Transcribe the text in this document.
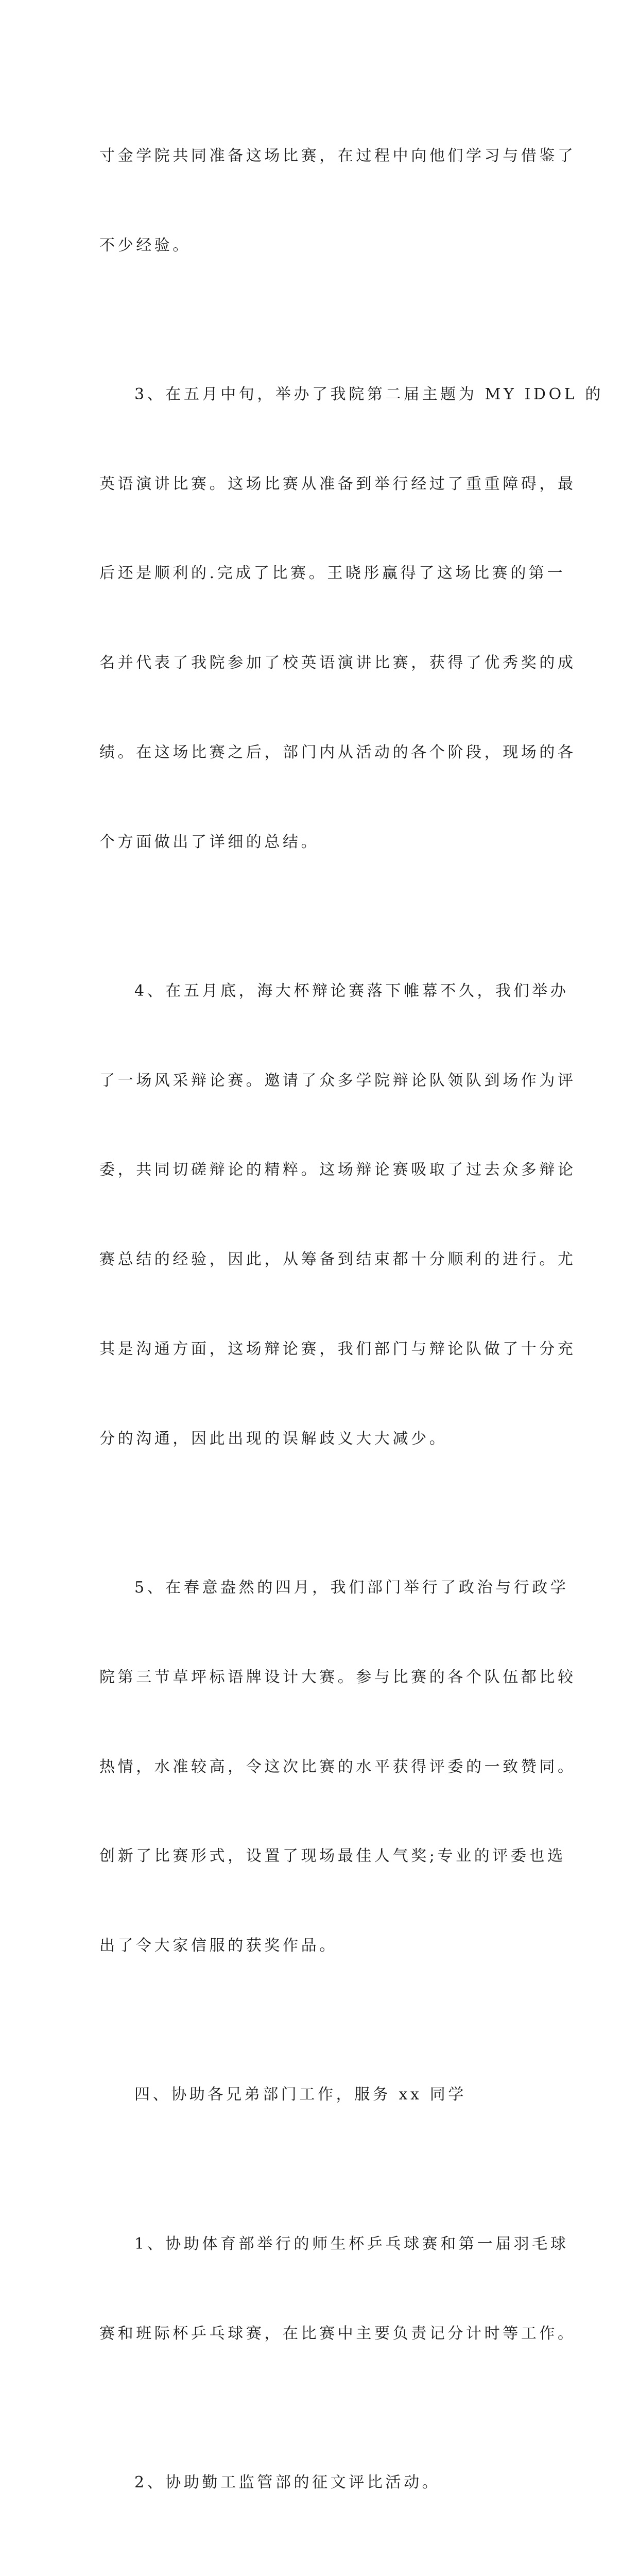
寸金学院共同准备这场比赛，在过程中向他们学习与借鉴了

不少经验。

3、在五月中旬，举办了我院第二届主题为 MY IDOL 的

英语演讲比赛。这场比赛从准备到举行经过了重重障碍，最

后还是顺利的.完成了比赛。王晓彤赢得了这场比赛的第一

名并代表了我院参加了校英语演讲比赛，获得了优秀奖的成

绩。在这场比赛之后，部门内从活动的各个阶段，现场的各

个方面做出了详细的总结。

4、在五月底，海大杯辩论赛落下帷幕不久，我们举办

了一场风采辩论赛。邀请了众多学院辩论队领队到场作为评

委，共同切磋辩论的精粹。这场辩论赛吸取了过去众多辩论

赛总结的经验，因此，从筹备到结束都十分顺利的进行。尤

其是沟通方面，这场辩论赛，我们部门与辩论队做了十分充

分的沟通，因此出现的误解歧义大大减少。

5、在春意盎然的四月，我们部门举行了政治与行政学

院第三节草坪标语牌设计大赛。参与比赛的各个队伍都比较

热情，水准较高，令这次比赛的水平获得评委的一致赞同。

创新了比赛形式，设置了现场最佳人气奖;专业的评委也选

出了令大家信服的获奖作品。

四、协助各兄弟部门工作，服务 xx 同学

1、协助体育部举行的师生杯乒乓球赛和第一届羽毛球

赛和班际杯乒乓球赛，在比赛中主要负责记分计时等工作。

2、协助勤工监管部的征文评比活动。
